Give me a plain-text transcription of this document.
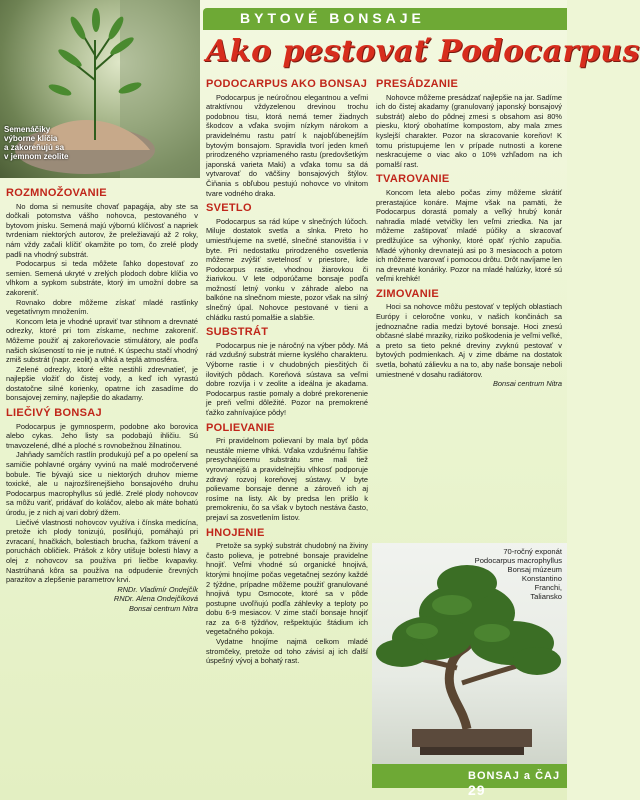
Semenáčiky
výborne klíčia
a zakoreňujú sa
v jemnom zeolite
BYTOVÉ BONSAJE
Ako pestovať Podocarpus
ROZMNOŽOVANIE

No doma si nemusíte chovať papagája, aby ste sa dočkali potomstva vášho nohovca, pestovaného v bytovom jnisku. Semená majú výbornú klíčivosť a napriek tvrdeniam niektorých autorov, že preležiavajú až 2 roky, nám vždy začali klíčiť okamžite po tom, čo zrelé plody padli na vhodný substrát.

Podocarpus si teda môžete ľahko dopestovať zo semien. Semená ukryté v zrelých plodoch dobre klíčia vo vlhkom a sypkom substráte, ktorý im umožní dobre sa zakoreniť.

Rovnako dobre môžeme získať mladé rastlinky vegetatívnym množením.

Koncom leta je vhodné upraviť tvar stihnom a drevnaté odrezky, ktoré pri tom získame, nechme zakoreniť. Môžeme použiť aj zakoreňovacie stimulátory, ale podľa našich skúseností to nie je nutné. K úspechu stačí vhodný zmiš substrát (napr. zeolit) a vlhká a teplá atmosféra.

Zelené odrezky, ktoré ešte nestihli zdrevnatieť, je najlepšie vložiť do čistej vody, a keď ich vyrastú dostatočne silné korienky, opatrne ich zasadíme do bonsajovej zeminy, najlepšie do akadamy.

LIEČIVÝ BONSAJ

Podocarpus je gymnosperm, podobne ako borovica alebo cykas. Jeho listy sa podobajú ihličiu. Sú tmavozelené, dlhé a ploché s rovnobežnou žilnatinou.

Jahňady samčích rastlín produkujú peľ a po opelení sa samičie pohlavné orgány vyvinú na malé modročervené bobule. Tie bývajú sice u niektorých druhov mierne toxické, ale u najrozšírenejšieho bonsajového druhu Podocarpus macrophyllus sú jedlé. Zrelé plody nohovcov sa môžu variť, pridávať do koláčov, alebo ak máte bohatú úrodu, je z nich aj vari dobrý džem.

Liečivé vlastnosti nohovcov využíva i čínska medicína, pretože ich plody tonizujú, posilňujú, pomáhajú pri zvracaní, hnačkách, bolestiach brucha, ťažkom trávení a poruchách obličiek. Prášok z kôry utišuje bolesti hlavy a olej z nohovcov sa používa pri liečbe kvapavky. Nastrúhaná kôra sa používa na odpudenie črevných parazitov a zlepšenie parametrov krvi.

RNDr. Vladimír Ondejčík

RNDr. Alena Ondejčíková

Bonsai centrum Nitra

PODOCARPUS AKO BONSAJ

Podocarpus je neúročnou elegantnou a veľmi atraktívnou vždyzelenou drevinou trochu podobnou tisu, ktorá nemá temer žiadnych škodcov a vďaka svojim nízkym nárokom a pravidelnému rastu patrí k najobľúbenejším bytovým bonsajom. Spravidla tvorí jeden kmeň prirodzeného vzpriameného rastu (predovšetkým japonská varieta Maki) a vďaka tomu sa dá vytvarovať do väčšiny bonsajových štýlov. Čiňania s obľubou pestujú nohovce vo vlnitom tvare vodného draka.

SVETLO

Podocarpus sa rád kúpe v slnečných lúčoch. Miluje dostatok svetla a slnka. Preto ho umiestňujeme na svetlé, slnečné stanovištia i v byte. Pri nedostatku prirodzeného osvetlenia môžeme zvýšiť svetelnosť v priestore, kde Podocarpus rastie, vhodnou žiarovkou či žiarivkou. V lete odporúčame bonsaje podľa možností letný vonku v záhrade alebo na balkóne na slnečnom mieste, pozor však na silný slnečný úpal. Nohovce pestované v tieni a chládku rastú pomalšie a slabšie.

SUBSTRÁT

Podocarpus nie je náročný na výber pôdy. Má rád vzdušný substrát mierne kyslého charakteru. Výborne rastie i v chudobných piesčitých či ilovitých pôdach. Koreňová sústava sa veľmi dobre rozvíja i v zeolite a ideálna je akadama. Podocarpus rastie pomaly a dobré prekorenenie je preň veľmi dôležité. Pozor na premokrené ťažko zahnívajúce pôdy!

POLIEVANIE

Pri pravidelnom polievaní by mala byť pôda neustále mierne vlhká. Vďaka vzdušnému ľahšie presychajúcemu substrátu sme mali tiež vyrovnanejšú a pravidelnejšiu vlhkosť podporuje zdravý rozvoj koreňovej sústavy. V byte polievame bonsaje denne a zároveň ich aj rosíme na listy. Ak by predsa len prišlo k premokreniu, čo sa však v bytoch nestáva často, prejaví sa zosvetlením listov.

HNOJENIE

Pretože sa sypký substrát chudobný na živiny často polieva, je potrebné bonsaje pravidelne hnojiť. Veľmi vhodné sú organické hnojivá, ktorými hnojíme počas vegetačnej sezóny každé 2 týždne, prípadne môžeme použiť granulované hnojivá typu Osmocote, ktoré sa v pôde postupne uvoľňujú podľa záhlevky a teploty po dobu 6-9 mesiacov. V zime stačí bonsaje hnojiť raz za 6-8 týždňov, rešpektujúc štádium ich vegetačného pokoja.

Vydatne hnojíme najmä celkom mladé stromčeky, pretože od toho závisí aj ich ďalší úspešný vývoj a bohatý rast.

PRESÁDZANIE

Nohovce môžeme presádzať najlepšie na jar. Sadíme ich do čistej akadamy (granulovaný japonský bonsajový substrát) alebo do pôdnej zmesi s obsahom asi 80% piesku, ktorý obohatíme kompostom, aby mala zmes kyslejší charakter. Pozor na skracovanie koreňov! K tomu pristupujeme len v prípade nutnosti a korene neskracujeme o viac ako o 10% vzhľadom na ich pomalší rast.

TVAROVANIE

Koncom leta alebo počas zimy môžeme skrátiť prerastajúce konáre. Majme však na pamäti, že Podocarpus dorastá pomaly a veľký hrubý konár nahradia mladé vetvičky len veľmi zriedka. Na jar môžeme zaštipovať mladé púčiky a skracovať predlžujúce sa výhonky, ktoré opäť rýchlo zapučia. Mladé výhonky drevnatejú asi po 3 mesiacoch a potom ich môžeme tvarovať i pomocou drôtu. Drôt navíjame len na drevnaté konáriky. Pozor na mladé halúzky, ktoré sú veľmi krehké!

ZIMOVANIE

Hoci sa nohovce môžu pestovať v teplých oblastiach Európy i celoročne vonku, v našich končinách sa jednoznačne radia medzi bytové bonsaje. Hoci znesú občasné slabé mraziky, riziko poškodenia je veľmi veľké, a preto sa tieto pekné dreviny zvyknú pestovať v bytových podmienkach. Aj v zime dbáme na dostatok svetla, bohatú zálievku a na to, aby naše bonsaje neboli umiestnené v dosahu radiátorov.

Bonsai centrum Nitra

70-ročný exponát
Podocarpus macrophyllus
Bonsaj múzeum
Konstantino
Franchi,
Taliansko
BONSAJ a ČAJ 29
